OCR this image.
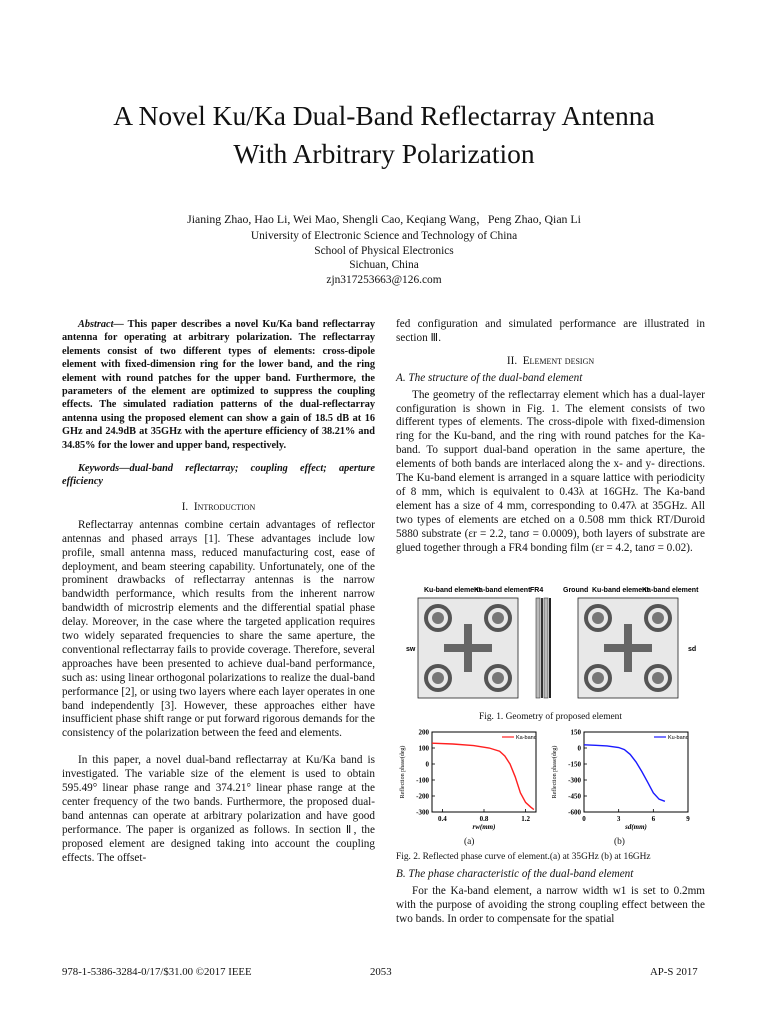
A Novel Ku/Ka Dual-Band Reflectarray Antenna
With Arbitrary Polarization
Jianing Zhao, Hao Li, Wei Mao, Shengli Cao, Keqiang Wang，Peng Zhao, Qian Li
University of Electronic Science and Technology of China
School of Physical Electronics
Sichuan, China
zjn317253663@126.com

Abstract— This paper describes a novel Ku/Ka band reflectarray antenna for operating at arbitrary polarization. The reflectarray elements consist of two different types of elements: cross-dipole element with fixed-dimension ring for the lower band, and the ring element with round patches for the upper band. Furthermore, the parameters of the element are optimized to suppress the coupling effects. The simulated radiation patterns of the dual-reflectarray antenna using the proposed element can show a gain of 18.5 dB at 16 GHz and 24.9dB at 35GHz with the aperture efficiency of 38.21% and 34.85% for the lower and upper band, respectively.

Keywords—dual-band reflectarray; coupling effect; aperture efficiency

I. Introduction

Reflectarray antennas combine certain advantages of reflector antennas and phased arrays [1]. These advantages include low profile, small antenna mass, reduced manufacturing cost, ease of deployment, and beam steering capability. Unfortunately, one of the prominent drawbacks of reflectarray antennas is the narrow bandwidth performance, which results from the inherent narrow bandwidth of microstrip elements and the differential spatial phase delay. Moreover, in the case where the targeted application requires two widely separated frequencies to share the same aperture, the conventional reflectarray fails to provide coverage. Therefore, several approaches have been presented to achieve dual-band performance, such as: using linear orthogonal polarizations to realize the dual-band performance [2], or using two layers where each layer operates in one band independently [3]. However, these approaches either have insufficient phase shift range or put forward rigorous demands for the consistency of the polarization between the feed and elements.

In this paper, a novel dual-band reflectarray at Ku/Ka band is investigated. The variable size of the element is used to obtain 595.49° linear phase range and 374.21° linear phase range at the center frequency of the two bands. Furthermore, the proposed dual-band antennas can operate at arbitrary polarization and have good performance. The paper is organized as follows. In section Ⅱ, the proposed element are designed taking into account the coupling effects. The offset-

fed configuration and simulated performance are illustrated in section Ⅲ.

II. Element design

A. The structure of the dual-band element

The geometry of the reflectarray element which has a dual-layer configuration is shown in Fig. 1. The element consists of two different types of elements. The cross-dipole with fixed-dimension ring for the Ku-band, and the ring with round patches for the Ka-band. To support dual-band operation in the same aperture, the elements of both bands are interlaced along the x- and y- directions. The Ku-band element is arranged in a square lattice with periodicity of 8 mm, which is equivalent to 0.43λ at 16GHz. The Ka-band element has a size of 4 mm, corresponding to 0.47λ at 35GHz. All two types of elements are etched on a 0.508 mm thick RT/Duroid 5880 substrate (εr = 2.2, tanσ = 0.0009), both layers of substrate are glued together through a FR4 bonding film (εr = 4.2, tanσ = 0.02).

Ku-band element
Ka-band element FR4	Ground Ku-band element
Ka-band element
sw	sd
Fig. 1. Geometry of proposed element
200
100
0
-100
-200
-300
0.4	0.8	1.2
rw(mm)
Reflection phase(deg)
Ka-band
150
0
-150
-300
-450
-600
0	3	6	9
sd(mm)
Reflection phase(deg)
Ku-band
(a)	(b)
Fig. 2. Reflected phase curve of element.(a) at 35GHz (b) at 16GHz

B. The phase characteristic of the dual-band element

For the Ka-band element, a narrow width w1 is set to 0.2mm with the purpose of avoiding the strong coupling effect between the two bands. In order to compensate for the spatial

978-1-5386-3284-0/17/$31.00 ©2017 IEEE	2053	AP-S 2017
